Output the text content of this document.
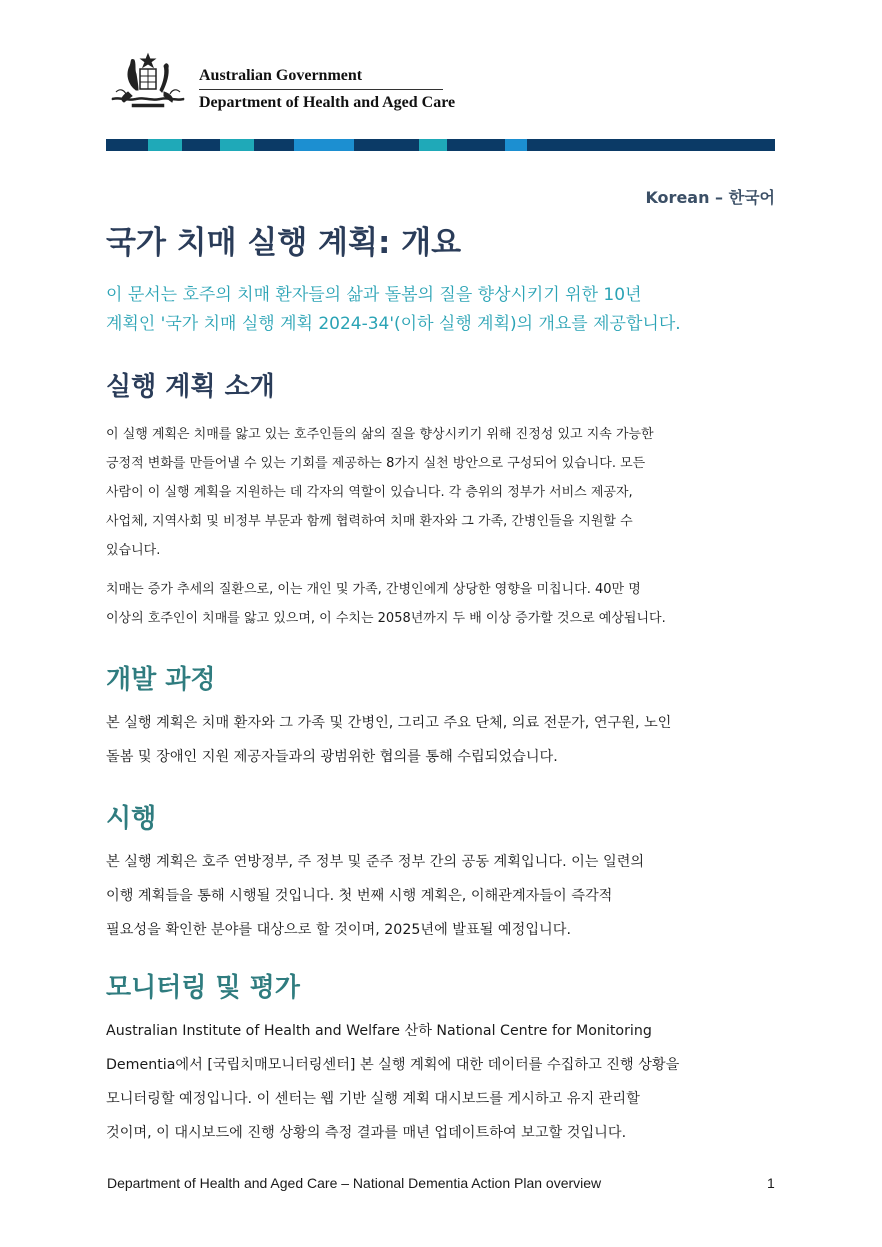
Australian Government
Department of Health and Aged Care
Korean – 한국어
국가 치매 실행 계획: 개요
이 문서는 호주의 치매 환자들의 삶과 돌봄의 질을 향상시키기 위한 10년
계획인 '국가 치매 실행 계획 2024-34'(이하 실행 계획)의 개요를 제공합니다.
실행 계획 소개
이 실행 계획은 치매를 앓고 있는 호주인들의 삶의 질을 향상시키기 위해 진정성 있고 지속 가능한
긍정적 변화를 만들어낼 수 있는 기회를 제공하는 8가지 실천 방안으로 구성되어 있습니다. 모든
사람이 이 실행 계획을 지원하는 데 각자의 역할이 있습니다. 각 층위의 정부가 서비스 제공자,
사업체, 지역사회 및 비정부 부문과 함께 협력하여 치매 환자와 그 가족, 간병인들을 지원할 수
있습니다.
치매는 증가 추세의 질환으로, 이는 개인 및 가족, 간병인에게 상당한 영향을 미칩니다. 40만 명
이상의 호주인이 치매를 앓고 있으며, 이 수치는 2058년까지 두 배 이상 증가할 것으로 예상됩니다.
개발 과정
본 실행 계획은 치매 환자와 그 가족 및 간병인, 그리고 주요 단체, 의료 전문가, 연구원, 노인
돌봄 및 장애인 지원 제공자들과의 광범위한 협의를 통해 수립되었습니다.
시행
본 실행 계획은 호주 연방정부, 주 정부 및 준주 정부 간의 공동 계획입니다. 이는 일련의
이행 계획들을 통해 시행될 것입니다. 첫 번째 시행 계획은, 이해관계자들이 즉각적
필요성을 확인한 분야를 대상으로 할 것이며, 2025년에 발표될 예정입니다.
모니터링 및 평가
Australian Institute of Health and Welfare 산하 National Centre for Monitoring
Dementia에서 [국립치매모니터링센터] 본 실행 계획에 대한 데이터를 수집하고 진행 상황을
모니터링할 예정입니다. 이 센터는 웹 기반 실행 계획 대시보드를 게시하고 유지 관리할
것이며, 이 대시보드에 진행 상황의 측정 결과를 매년 업데이트하여 보고할 것입니다.
Department of Health and Aged Care – National Dementia Action Plan overview	1
